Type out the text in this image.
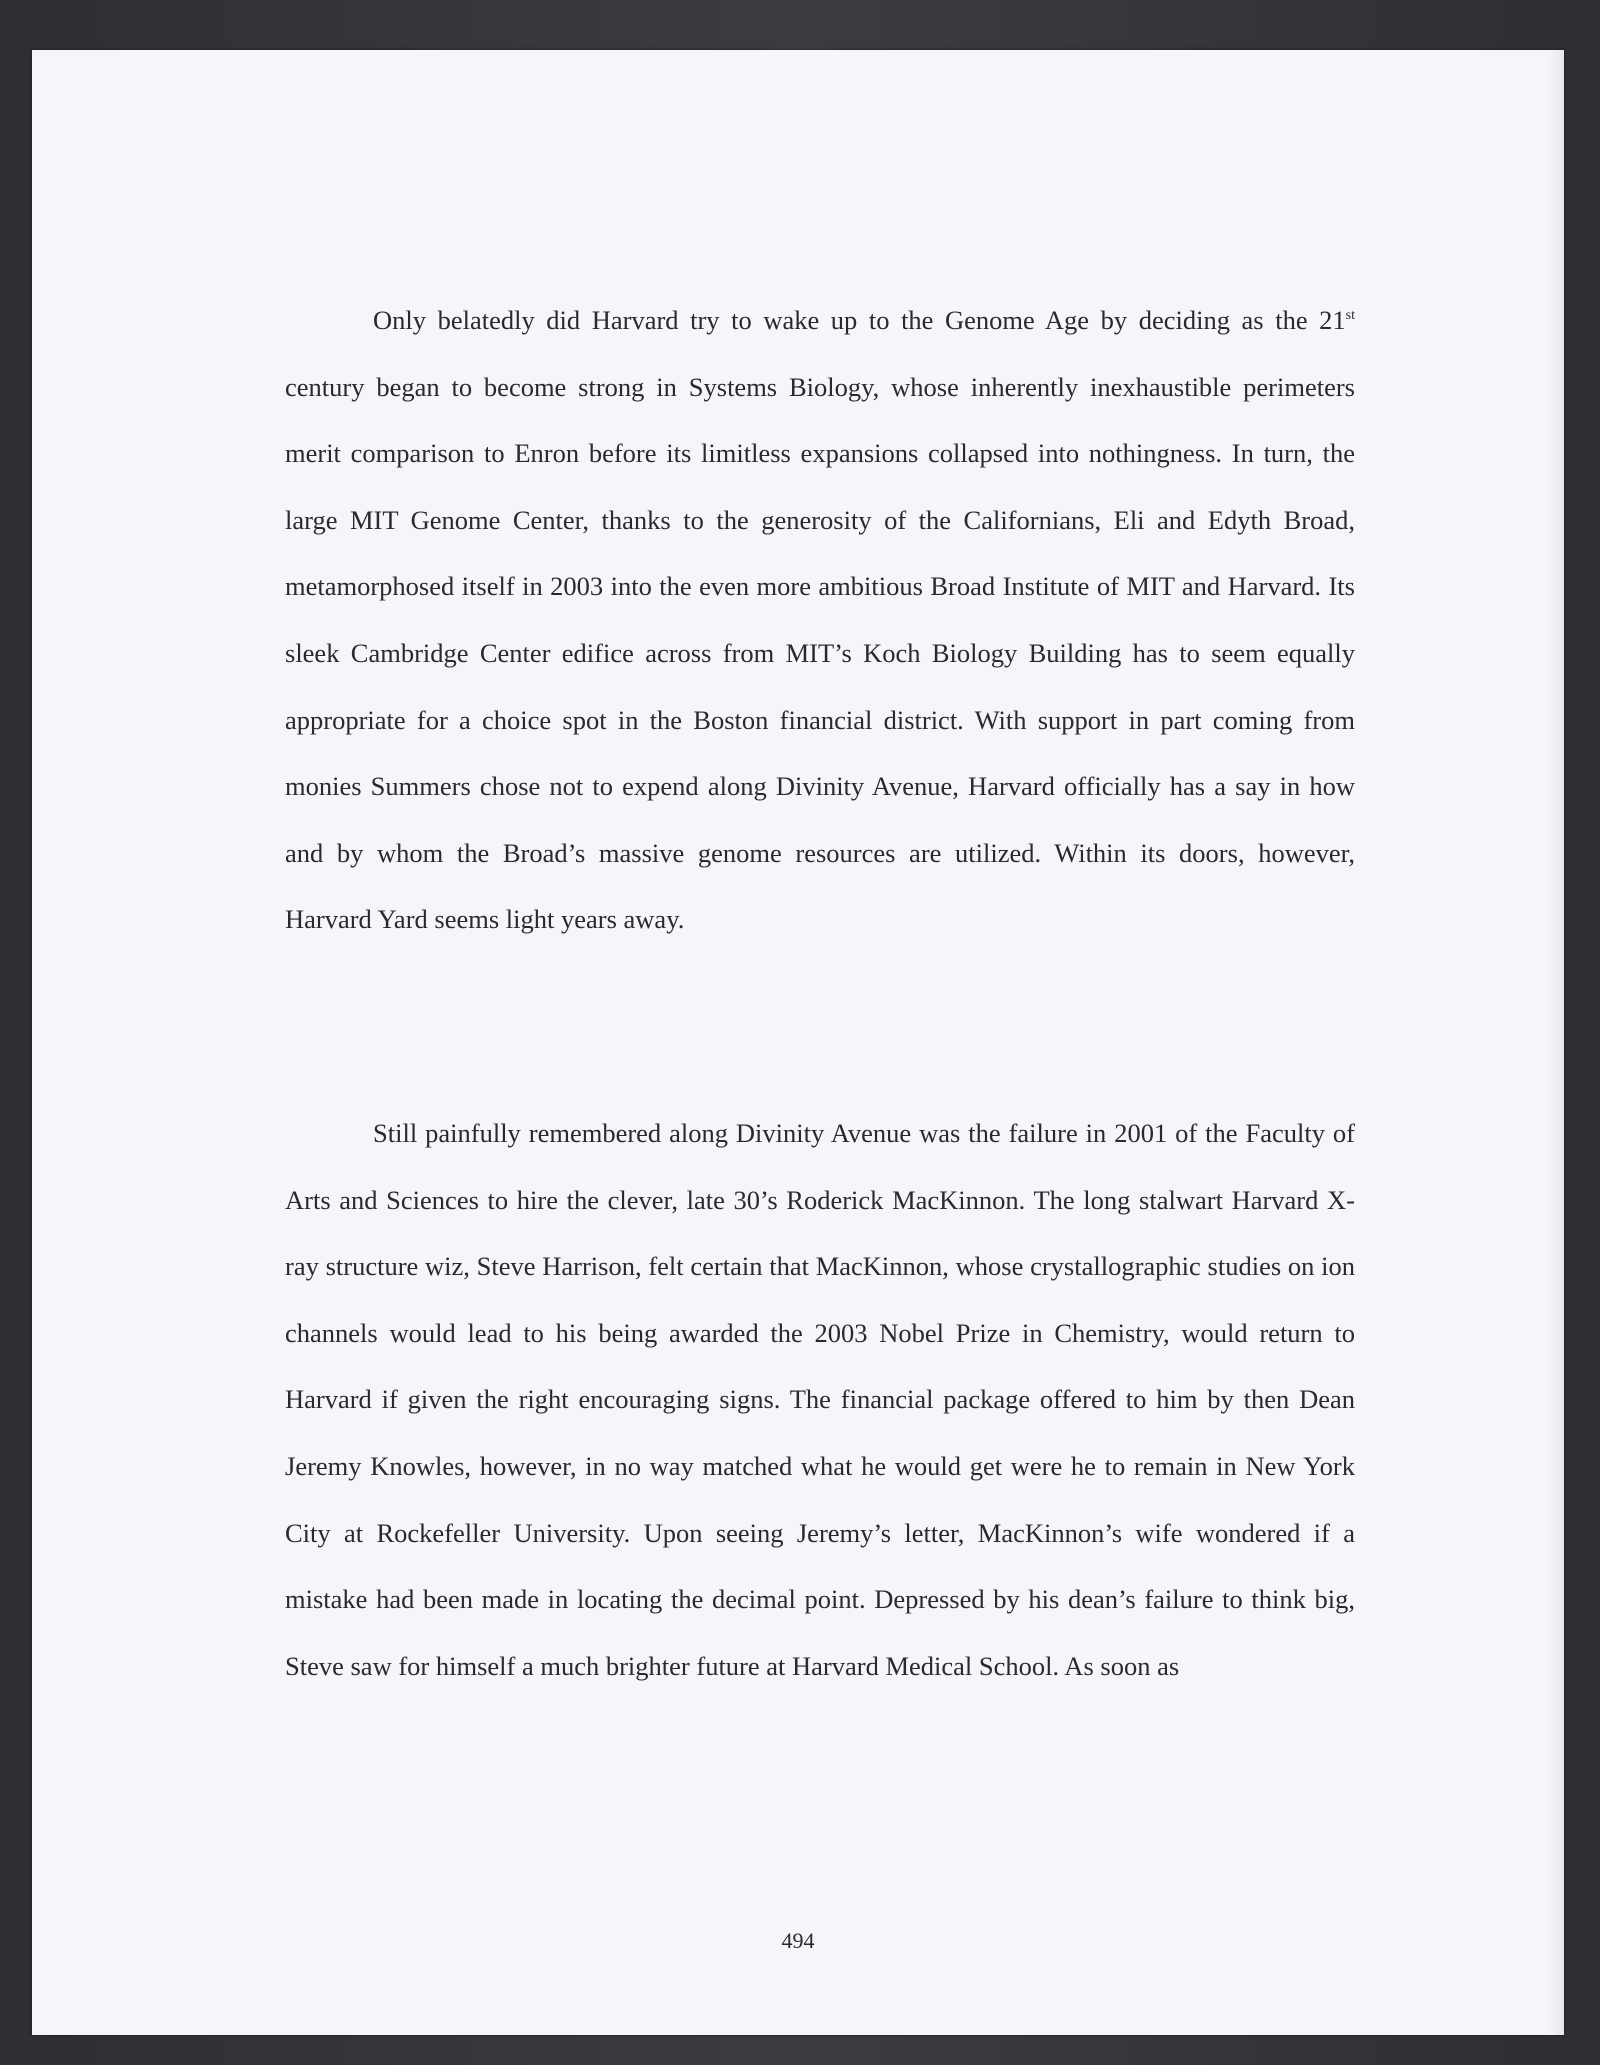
Only belatedly did Harvard try to wake up to the Genome Age by deciding as the 21st century began to become strong in Systems Biology, whose inherently inexhaustible perimeters merit comparison to Enron before its limitless expansions collapsed into nothingness. In turn, the large MIT Genome Center, thanks to the generosity of the Californians, Eli and Edyth Broad, metamorphosed itself in 2003 into the even more ambitious Broad Institute of MIT and Harvard. Its sleek Cambridge Center edifice across from MIT’s Koch Biology Building has to seem equally appropriate for a choice spot in the Boston financial district. With support in part coming from monies Summers chose not to expend along Divinity Avenue, Harvard officially has a say in how and by whom the Broad’s massive genome resources are utilized. Within its doors, however, Harvard Yard seems light years away.

Still painfully remembered along Divinity Avenue was the failure in 2001 of the Faculty of Arts and Sciences to hire the clever, late 30’s Roderick MacKinnon. The long stalwart Harvard X-ray structure wiz, Steve Harrison, felt certain that MacKinnon, whose crystallographic studies on ion channels would lead to his being awarded the 2003 Nobel Prize in Chemistry, would return to Harvard if given the right encouraging signs. The financial package offered to him by then Dean Jeremy Knowles, however, in no way matched what he would get were he to remain in New York City at Rockefeller University. Upon seeing Jeremy’s letter, MacKinnon’s wife wondered if a mistake had been made in locating the decimal point. Depressed by his dean’s failure to think big, Steve saw for himself a much brighter future at Harvard Medical School. As soon as

494
